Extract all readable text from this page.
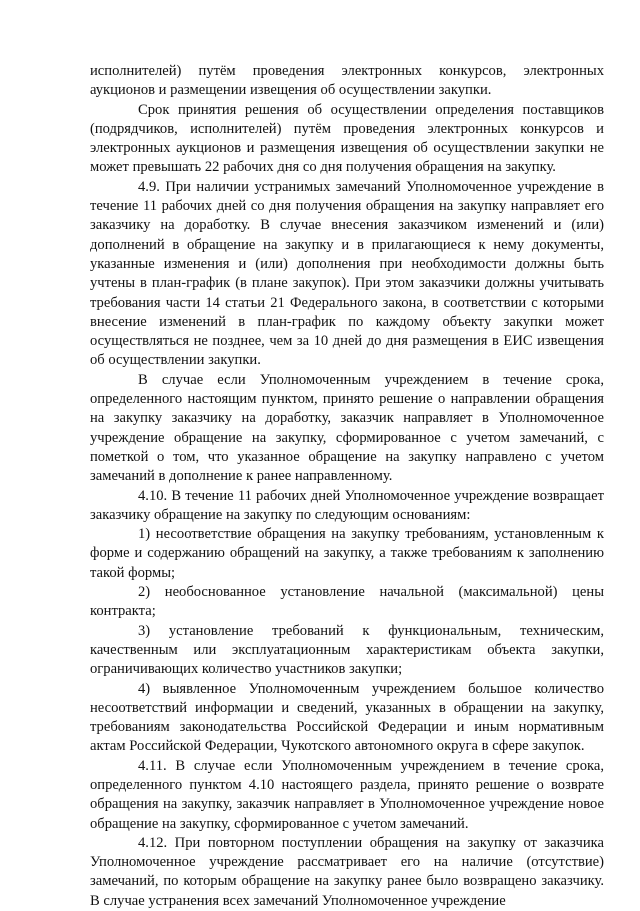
исполнителей) путём проведения электронных конкурсов, электронных аукционов и размещении извещения об осуществлении закупки.

Срок принятия решения об осуществлении определения поставщиков (подрядчиков, исполнителей) путём проведения электронных конкурсов и электронных аукционов и размещения извещения об осуществлении закупки не может превышать 22 рабочих дня со дня получения обращения на закупку.

4.9. При наличии устранимых замечаний Уполномоченное учреждение в течение 11 рабочих дней со дня получения обращения на закупку направляет его заказчику на доработку. В случае внесения заказчиком изменений и (или) дополнений в обращение на закупку и в прилагающиеся к нему документы, указанные изменения и (или) дополнения при необходимости должны быть учтены в план-график (в плане закупок). При этом заказчики должны учитывать требования части 14 статьи 21 Федерального закона, в соответствии с которыми внесение изменений в план-график по каждому объекту закупки может осуществляться не позднее, чем за 10 дней до дня размещения в ЕИС извещения об осуществлении закупки.

В случае если Уполномоченным учреждением в течение срока, определенного настоящим пунктом, принято решение о направлении обращения на закупку заказчику на доработку, заказчик направляет в Уполномоченное учреждение обращение на закупку, сформированное с учетом замечаний, с пометкой о том, что указанное обращение на закупку направлено с учетом замечаний в дополнение к ранее направленному.

4.10. В течение 11 рабочих дней Уполномоченное учреждение возвращает заказчику обращение на закупку по следующим основаниям:

1) несоответствие обращения на закупку требованиям, установленным к форме и содержанию обращений на закупку, а также требованиям к заполнению такой формы;

2) необоснованное установление начальной (максимальной) цены контракта;

3) установление требований к функциональным, техническим, качественным или эксплуатационным характеристикам объекта закупки, ограничивающих количество участников закупки;

4) выявленное Уполномоченным учреждением большое количество несоответствий информации и сведений, указанных в обращении на закупку, требованиям законодательства Российской Федерации и иным нормативным актам Российской Федерации, Чукотского автономного округа в сфере закупок.

4.11. В случае если Уполномоченным учреждением в течение срока, определенного пунктом 4.10 настоящего раздела, принято решение о возврате обращения на закупку, заказчик направляет в Уполномоченное учреждение новое обращение на закупку, сформированное с учетом замечаний.

4.12. При повторном поступлении обращения на закупку от заказчика Уполномоченное учреждение рассматривает его на наличие (отсутствие) замечаний, по которым обращение на закупку ранее было возвращено заказчику. В случае устранения всех замечаний Уполномоченное учреждение
